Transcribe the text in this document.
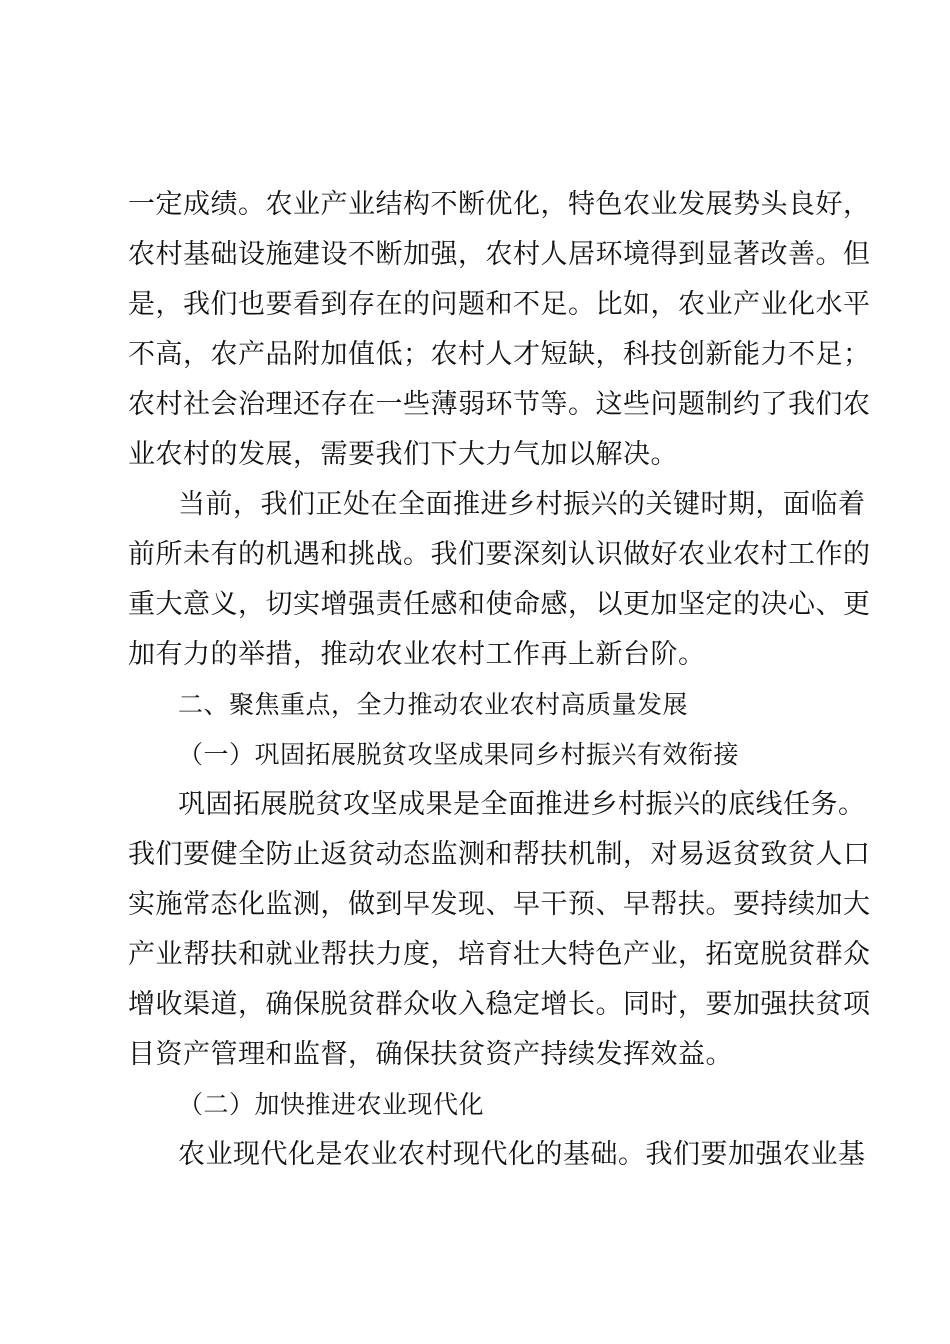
一定成绩。农业产业结构不断优化，特色农业发展势头良好，
农村基础设施建设不断加强，农村人居环境得到显著改善。但
是，我们也要看到存在的问题和不足。比如，农业产业化水平
不高，农产品附加值低；农村人才短缺，科技创新能力不足；
农村社会治理还存在一些薄弱环节等。这些问题制约了我们农
业农村的发展，需要我们下大力气加以解决。
当前，我们正处在全面推进乡村振兴的关键时期，面临着
前所未有的机遇和挑战。我们要深刻认识做好农业农村工作的
重大意义，切实增强责任感和使命感，以更加坚定的决心、更
加有力的举措，推动农业农村工作再上新台阶。
二、聚焦重点，全力推动农业农村高质量发展
（一）巩固拓展脱贫攻坚成果同乡村振兴有效衔接
巩固拓展脱贫攻坚成果是全面推进乡村振兴的底线任务。
我们要健全防止返贫动态监测和帮扶机制，对易返贫致贫人口
实施常态化监测，做到早发现、早干预、早帮扶。要持续加大
产业帮扶和就业帮扶力度，培育壮大特色产业，拓宽脱贫群众
增收渠道，确保脱贫群众收入稳定增长。同时，要加强扶贫项
目资产管理和监督，确保扶贫资产持续发挥效益。
（二）加快推进农业现代化
农业现代化是农业农村现代化的基础。我们要加强农业基
